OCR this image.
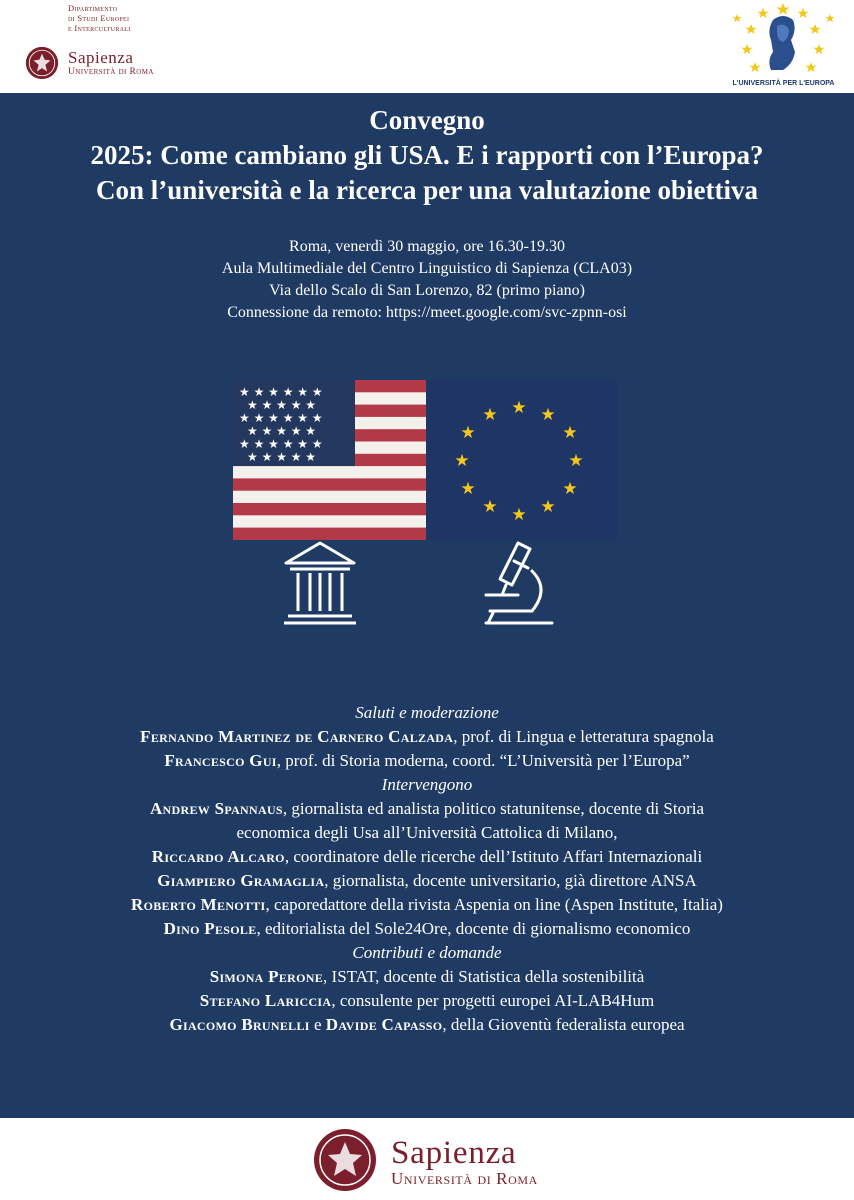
Dipartimento
di Studi Europei
e Interculturali
Sapienza
Università di Roma
L'UNIVERSITÀ PER L'EUROPA
Convegno
2025: Come cambiano gli USA. E i rapporti con l’Europa?
Con l’università e la ricerca per una valutazione obiettiva
Roma, venerdì 30 maggio, ore 16.30-19.30
Aula Multimediale del Centro Linguistico di Sapienza (CLA03)
Via dello Scalo di San Lorenzo, 82 (primo piano)
Connessione da remoto: https://meet.google.com/svc-zpnn-osi
★ ★ ★ ★ ★ ★
★ ★ ★ ★ ★
★ ★ ★ ★ ★ ★
★ ★ ★ ★ ★
★ ★ ★ ★ ★ ★
★ ★ ★ ★ ★
★ ★
★
★
★
★
★
★
★
★
★
★
Saluti e moderazione
Fernando Martinez de Carnero Calzada, prof. di Lingua e letteratura spagnola
Francesco Gui, prof. di Storia moderna, coord. “L’Università per l’Europa”
Intervengono
Andrew Spannaus, giornalista ed analista politico statunitense, docente di Storia
economica degli Usa all’Università Cattolica di Milano,
Riccardo Alcaro, coordinatore delle ricerche dell’Istituto Affari Internazionali
Giampiero Gramaglia, giornalista, docente universitario, già direttore ANSA
Roberto Menotti, caporedattore della rivista Aspenia on line (Aspen Institute, Italia)
Dino Pesole, editorialista del Sole24Ore, docente di giornalismo economico
Contributi e domande
Simona Perone, ISTAT, docente di Statistica della sostenibilità
Stefano Lariccia, consulente per progetti europei AI-LAB4Hum
Giacomo Brunelli e Davide Capasso, della Gioventù federalista europea
Sapienza
Università di Roma
